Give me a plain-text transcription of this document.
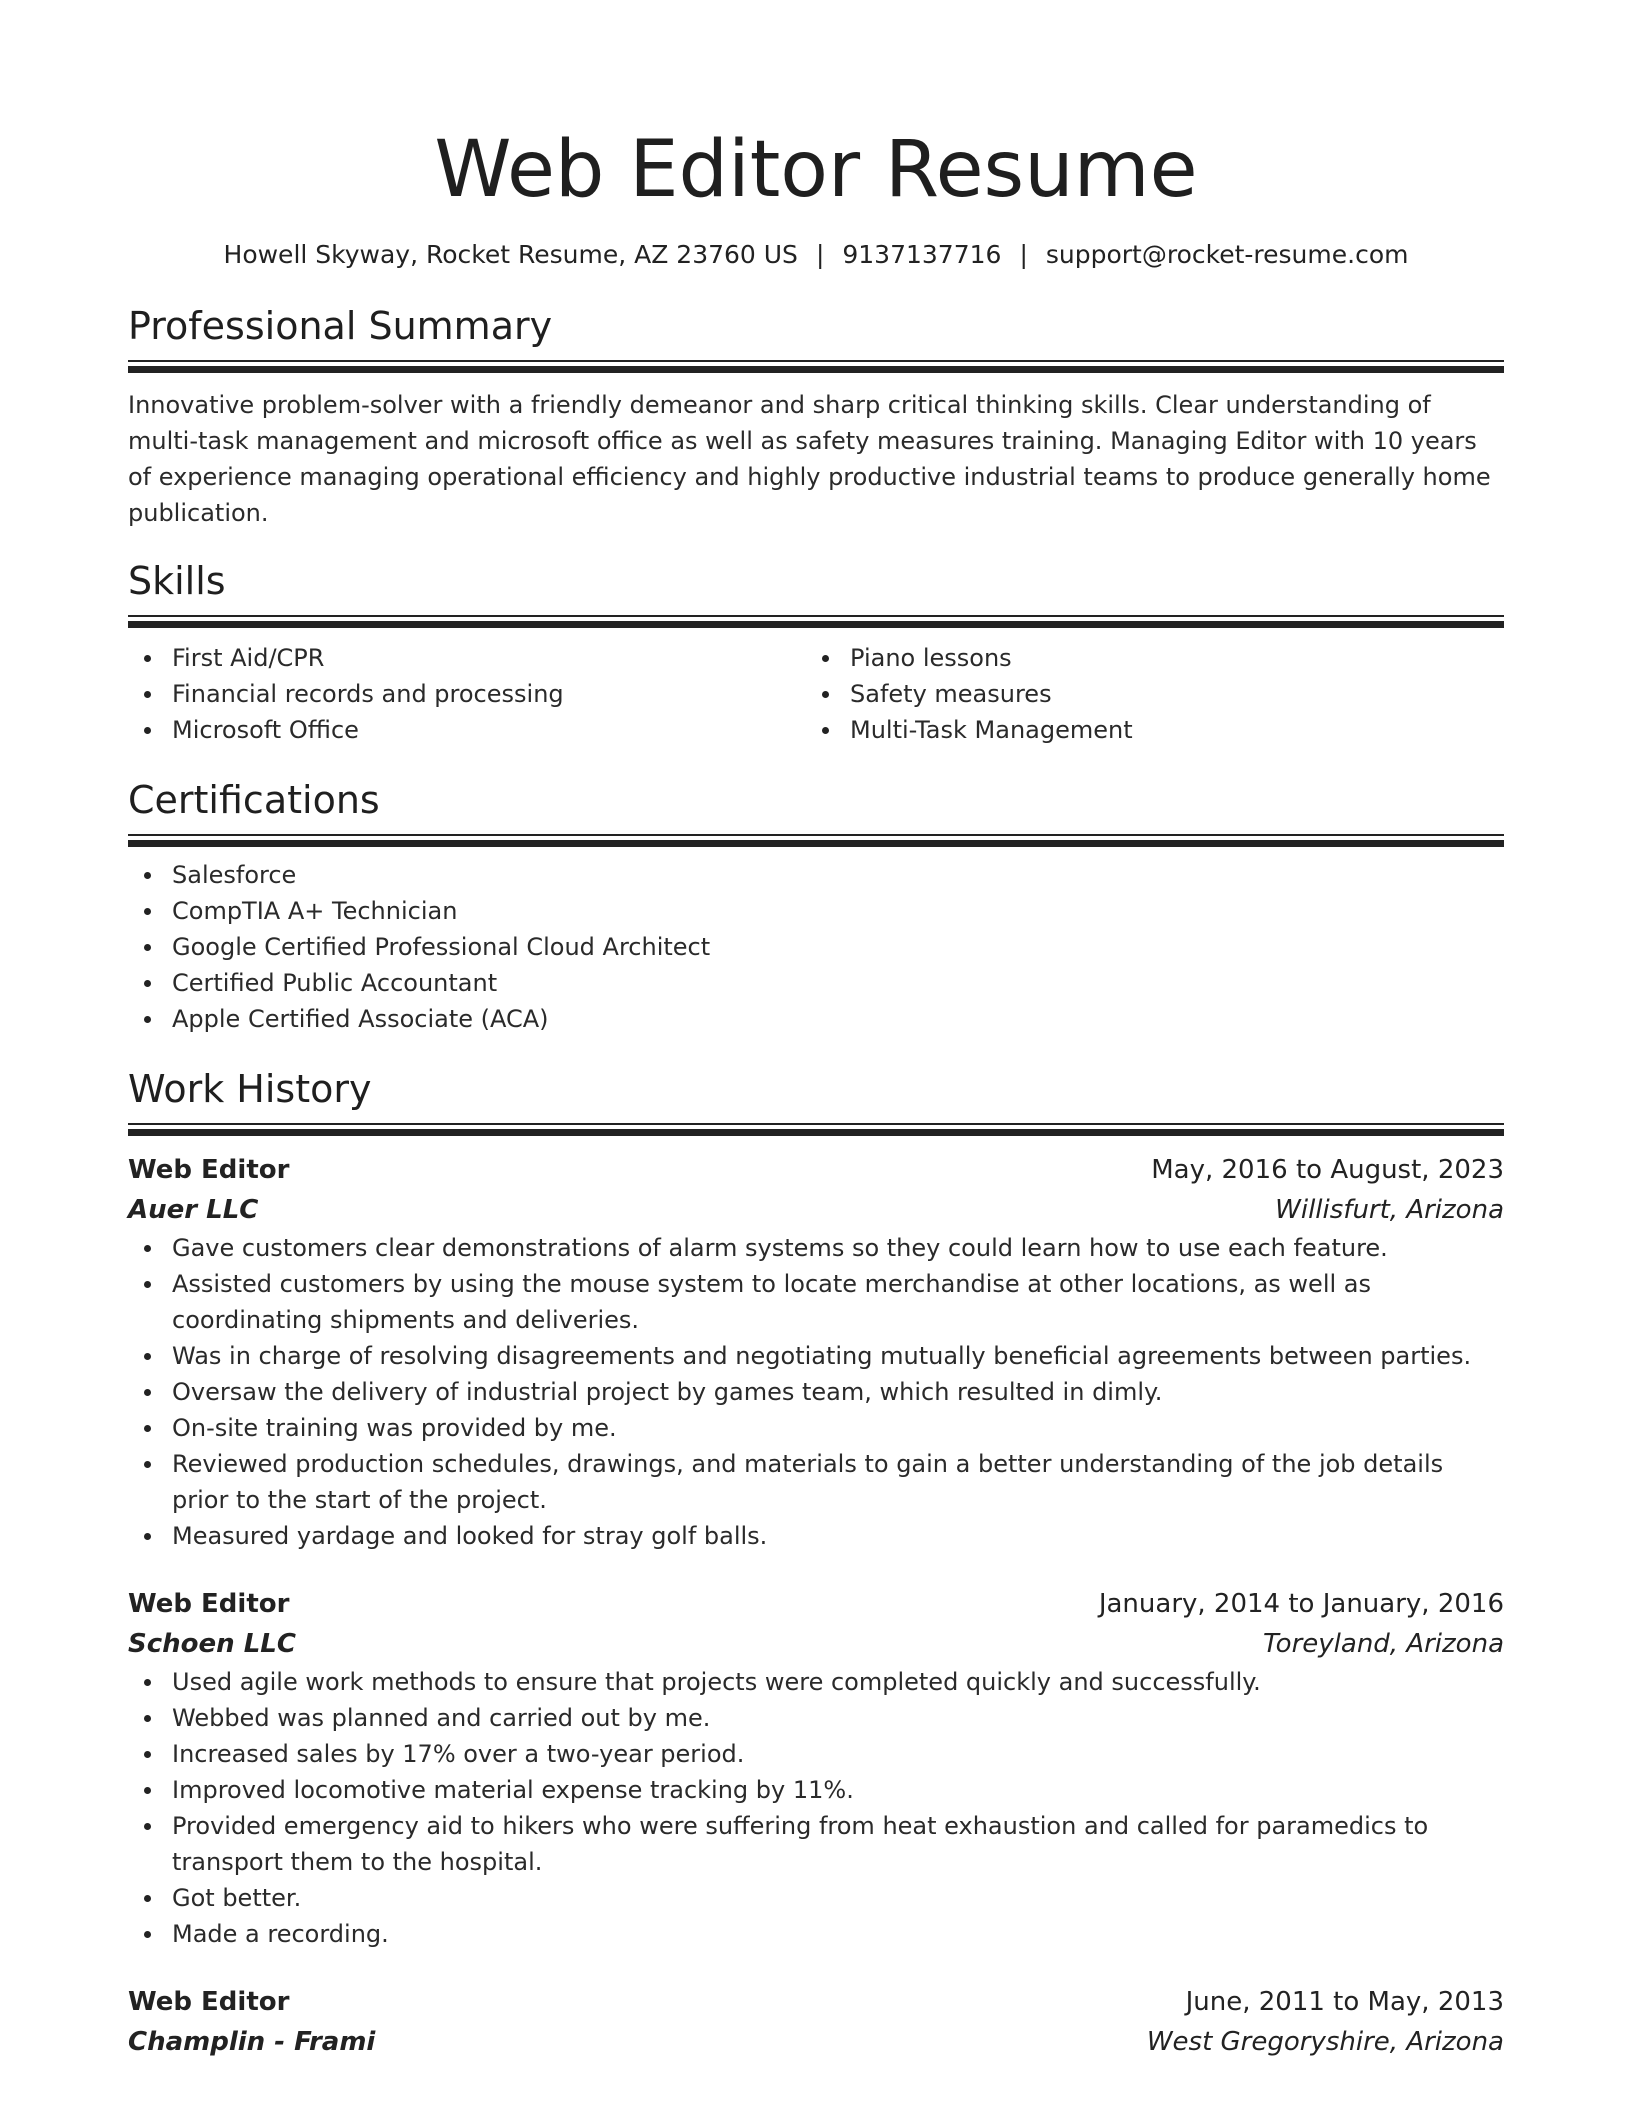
Web Editor Resume
Howell Skyway, Rocket Resume, AZ 23760 US | 9137137716 | support@rocket-resume.com
Professional Summary

Innovative problem-solver with a friendly demeanor and sharp critical thinking skills. Clear understanding of multi-task management and microsoft office as well as safety measures training. Managing Editor with 10 years of experience managing operational efficiency and highly productive industrial teams to produce generally home publication.

Skills
First Aid/CPR
Financial records and processing
Microsoft Office
Piano lessons
Safety measures
Multi-Task Management
Certifications
Salesforce
CompTIA A+ Technician
Google Certified Professional Cloud Architect
Certified Public Accountant
Apple Certified Associate (ACA)
Work History
Web Editor	May, 2016 to August, 2023
Auer LLC	Willisfurt, Arizona
Gave customers clear demonstrations of alarm systems so they could learn how to use each feature.
Assisted customers by using the mouse system to locate merchandise at other locations, as well as coordinating shipments and deliveries.
Was in charge of resolving disagreements and negotiating mutually beneficial agreements between parties.
Oversaw the delivery of industrial project by games team, which resulted in dimly.
On-site training was provided by me.
Reviewed production schedules, drawings, and materials to gain a better understanding of the job details prior to the start of the project.
Measured yardage and looked for stray golf balls.
Web Editor	January, 2014 to January, 2016
Schoen LLC	Toreyland, Arizona
Used agile work methods to ensure that projects were completed quickly and successfully.
Webbed was planned and carried out by me.
Increased sales by 17% over a two-year period.
Improved locomotive material expense tracking by 11%.
Provided emergency aid to hikers who were suffering from heat exhaustion and called for paramedics to transport them to the hospital.
Got better.
Made a recording.
Web Editor	June, 2011 to May, 2013
Champlin - Frami	West Gregoryshire, Arizona
